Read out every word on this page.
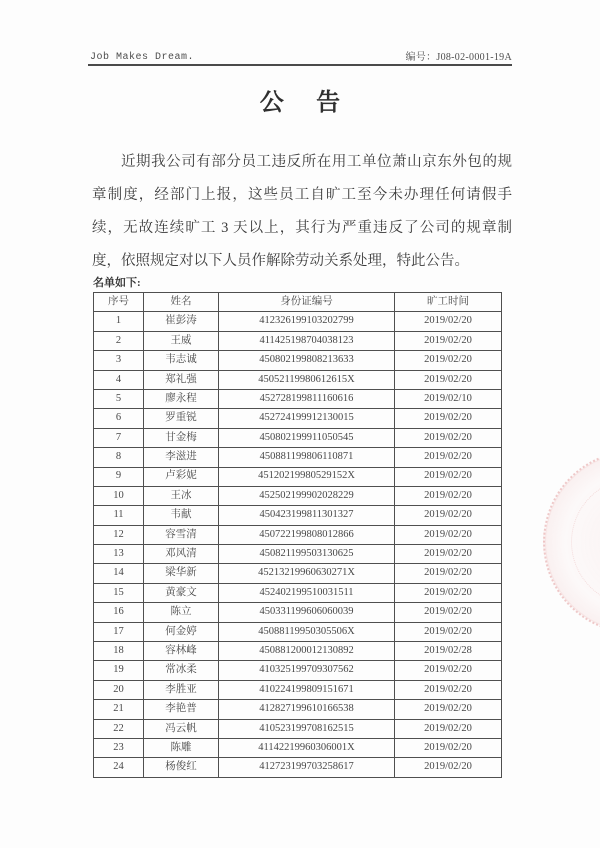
Job Makes Dream.	编号：J08-02-0001-19A
公 告

近期我公司有部分员工违反所在用工单位萧山京东外包的规章制度，经部门上报，这些员工自旷工至今未办理任何请假手续，无故连续旷工 3 天以上，其行为严重违反了公司的规章制度，依照规定对以下人员作解除劳动关系处理，特此公告。

名单如下:
序号	姓名	身份证编号	旷工时间
1	崔彭涛	412326199103202799	2019/02/20
2	王威	411425198704038123	2019/02/20
3	韦志诚	450802199808213633	2019/02/20
4	郑礼强	45052119980612615X	2019/02/20
5	廖永程	452728199811160616	2019/02/10
6	罗重锐	452724199912130015	2019/02/20
7	甘金梅	450802199911050545	2019/02/20
8	李滋进	450881199806110871	2019/02/20
9	卢彩妮	45120219980529152X	2019/02/20
10	王冰	452502199902028229	2019/02/20
11	韦献	450423199811301327	2019/02/20
12	容雪清	450722199808012866	2019/02/20
13	邓风清	450821199503130625	2019/02/20
14	梁华新	45213219960630271X	2019/02/20
15	黄豪文	452402199510031511	2019/02/20
16	陈立	450331199606060039	2019/02/20
17	何金婷	45088119950305506X	2019/02/20
18	容林峰	450881200012130892	2019/02/28
19	常冰柔	410325199709307562	2019/02/20
20	李胜亚	410224199809151671	2019/02/20
21	李艳普	412827199610166538	2019/02/20
22	冯云帆	410523199708162515	2019/02/20
23	陈雕	41142219960306001X	2019/02/20
24	杨俊红	412723199703258617	2019/02/20
